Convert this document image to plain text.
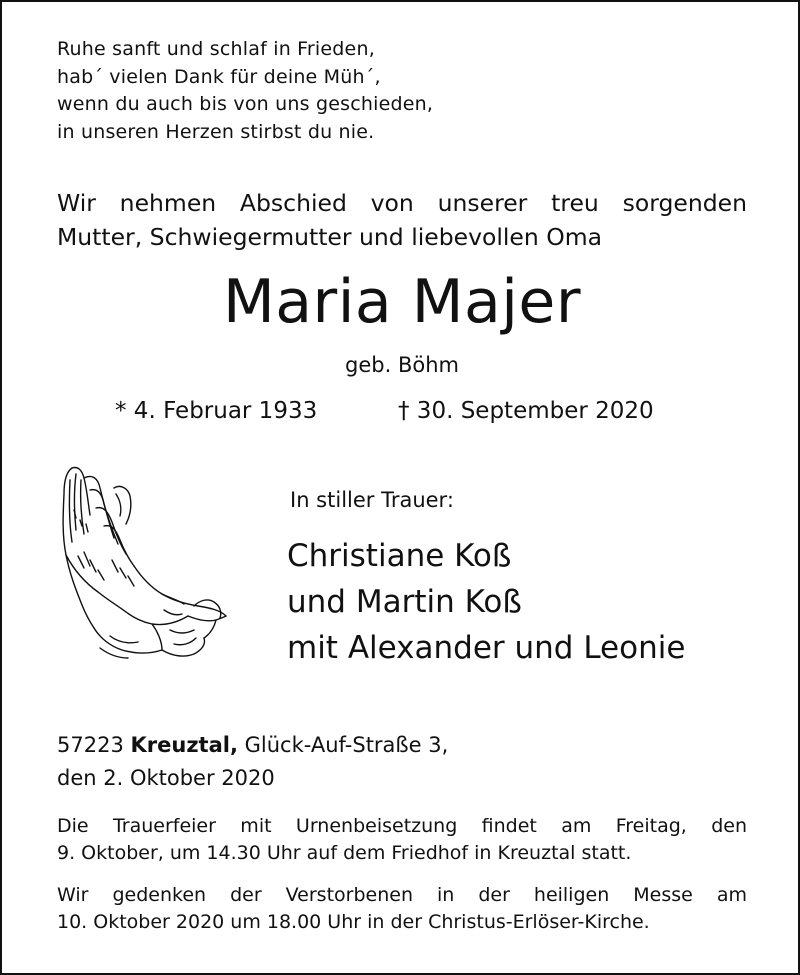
Ruhe sanft und schlaf in Frieden,
hab´ vielen Dank für deine Müh´,
wenn du auch bis von uns geschieden,
in unseren Herzen stirbst du nie.
Wir nehmen Abschied von unserer treu sorgenden
Mutter, Schwiegermutter und liebevollen Oma
Maria Majer
geb. Böhm
* 4. Februar 1933	† 30. September 2020
In stiller Trauer:
Christiane Koß
und Martin Koß
mit Alexander und Leonie
57223 Kreuztal, Glück-Auf-Straße 3,
den 2. Oktober 2020
Die Trauerfeier mit Urnenbeisetzung findet am Freitag, den
9. Oktober, um 14.30 Uhr auf dem Friedhof in Kreuztal statt.
Wir gedenken der Verstorbenen in der heiligen Messe am
10. Oktober 2020 um 18.00 Uhr in der Christus-Erlöser-Kirche.
